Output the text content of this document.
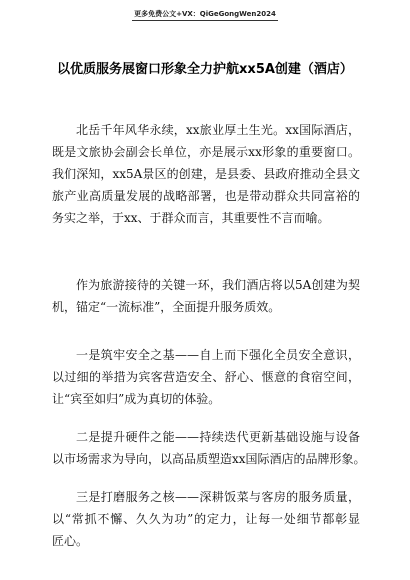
更多免费公文+VX：QiGeGongWen2024
以优质服务展窗口形象全力护航xx5A创建（酒店）
北岳千年风华永续，xx旅业厚土生光。xx国际酒店，
既是文旅协会副会长单位，亦是展示xx形象的重要窗口。
我们深知，xx5A景区的创建，是县委、县政府推动全县文
旅产业高质量发展的战略部署，也是带动群众共同富裕的
务实之举，于xx、于群众而言，其重要性不言而喻。
作为旅游接待的关键一环，我们酒店将以5A创建为契
机，锚定“一流标准”，全面提升服务质效。
一是筑牢安全之基——自上而下强化全员安全意识，
以过细的举措为宾客营造安全、舒心、惬意的食宿空间，
让“宾至如归”成为真切的体验。
二是提升硬件之能——持续迭代更新基础设施与设备
以市场需求为导向，以高品质塑造xx国际酒店的品牌形象。
三是打磨服务之核——深耕饭菜与客房的服务质量，
以“常抓不懈、久久为功”的定力，让每一处细节都彰显
匠心。
